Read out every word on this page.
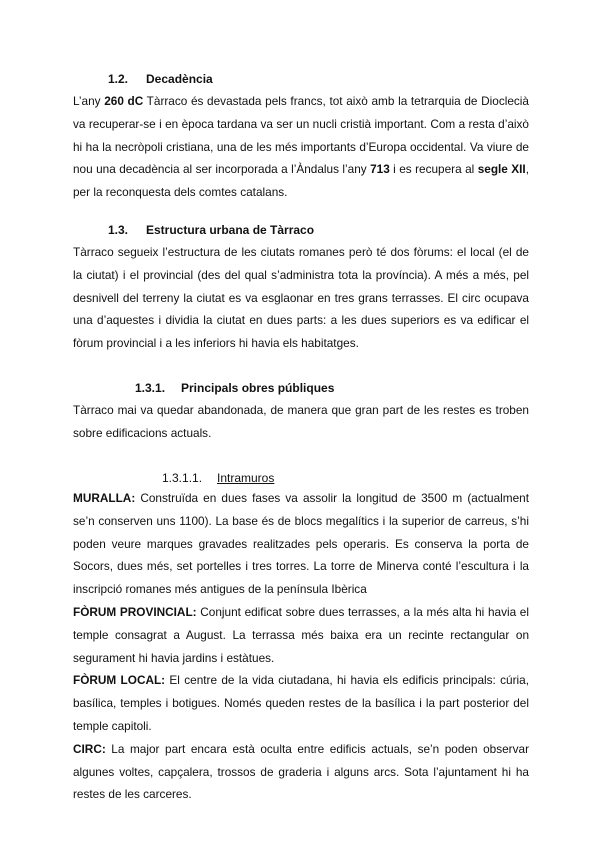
1.2. Decadència

L’any 260 dC Tàrraco és devastada pels francs, tot això amb la tetrarquia de Dioclecià va recuperar-se i en època tardana va ser un nucli cristià important. Com a resta d’això hi ha la necròpoli cristiana, una de les més importants d’Europa occidental. Va viure de nou una decadència al ser incorporada a l’Àndalus l’any 713 i es recupera al segle XII, per la reconquesta dels comtes catalans.

1.3. Estructura urbana de Tàrraco

Tàrraco segueix l’estructura de les ciutats romanes però té dos fòrums: el local (el de la ciutat) i el provincial (des del qual s’administra tota la província). A més a més, pel desnivell del terreny la ciutat es va esglaonar en tres grans terrasses. El circ ocupava una d’aquestes i dividia la ciutat en dues parts: a les dues superiors es va edificar el fòrum provincial i a les inferiors hi havia els habitatges.

1.3.1. Principals obres públiques

Tàrraco mai va quedar abandonada, de manera que gran part de les restes es troben sobre edificacions actuals.

1.3.1.1. Intramuros

MURALLA: Construïda en dues fases va assolir la longitud de 3500 m (actualment se’n conserven uns 1100). La base és de blocs megalítics i la superior de carreus, s’hi poden veure marques gravades realitzades pels operaris. Es conserva la porta de Socors, dues més, set portelles i tres torres. La torre de Minerva conté l’escultura i la inscripció romanes més antigues de la península Ibèrica

FÒRUM PROVINCIAL: Conjunt edificat sobre dues terrasses, a la més alta hi havia el temple consagrat a August. La terrassa més baixa era un recinte rectangular on segurament hi havia jardins i estàtues.

FÒRUM LOCAL: El centre de la vida ciutadana, hi havia els edificis principals: cúria, basílica, temples i botigues. Només queden restes de la basílica i la part posterior del temple capitoli.

CIRC: La major part encara està oculta entre edificis actuals, se’n poden observar algunes voltes, capçalera, trossos de graderia i alguns arcs. Sota l’ajuntament hi ha restes de les carceres.
